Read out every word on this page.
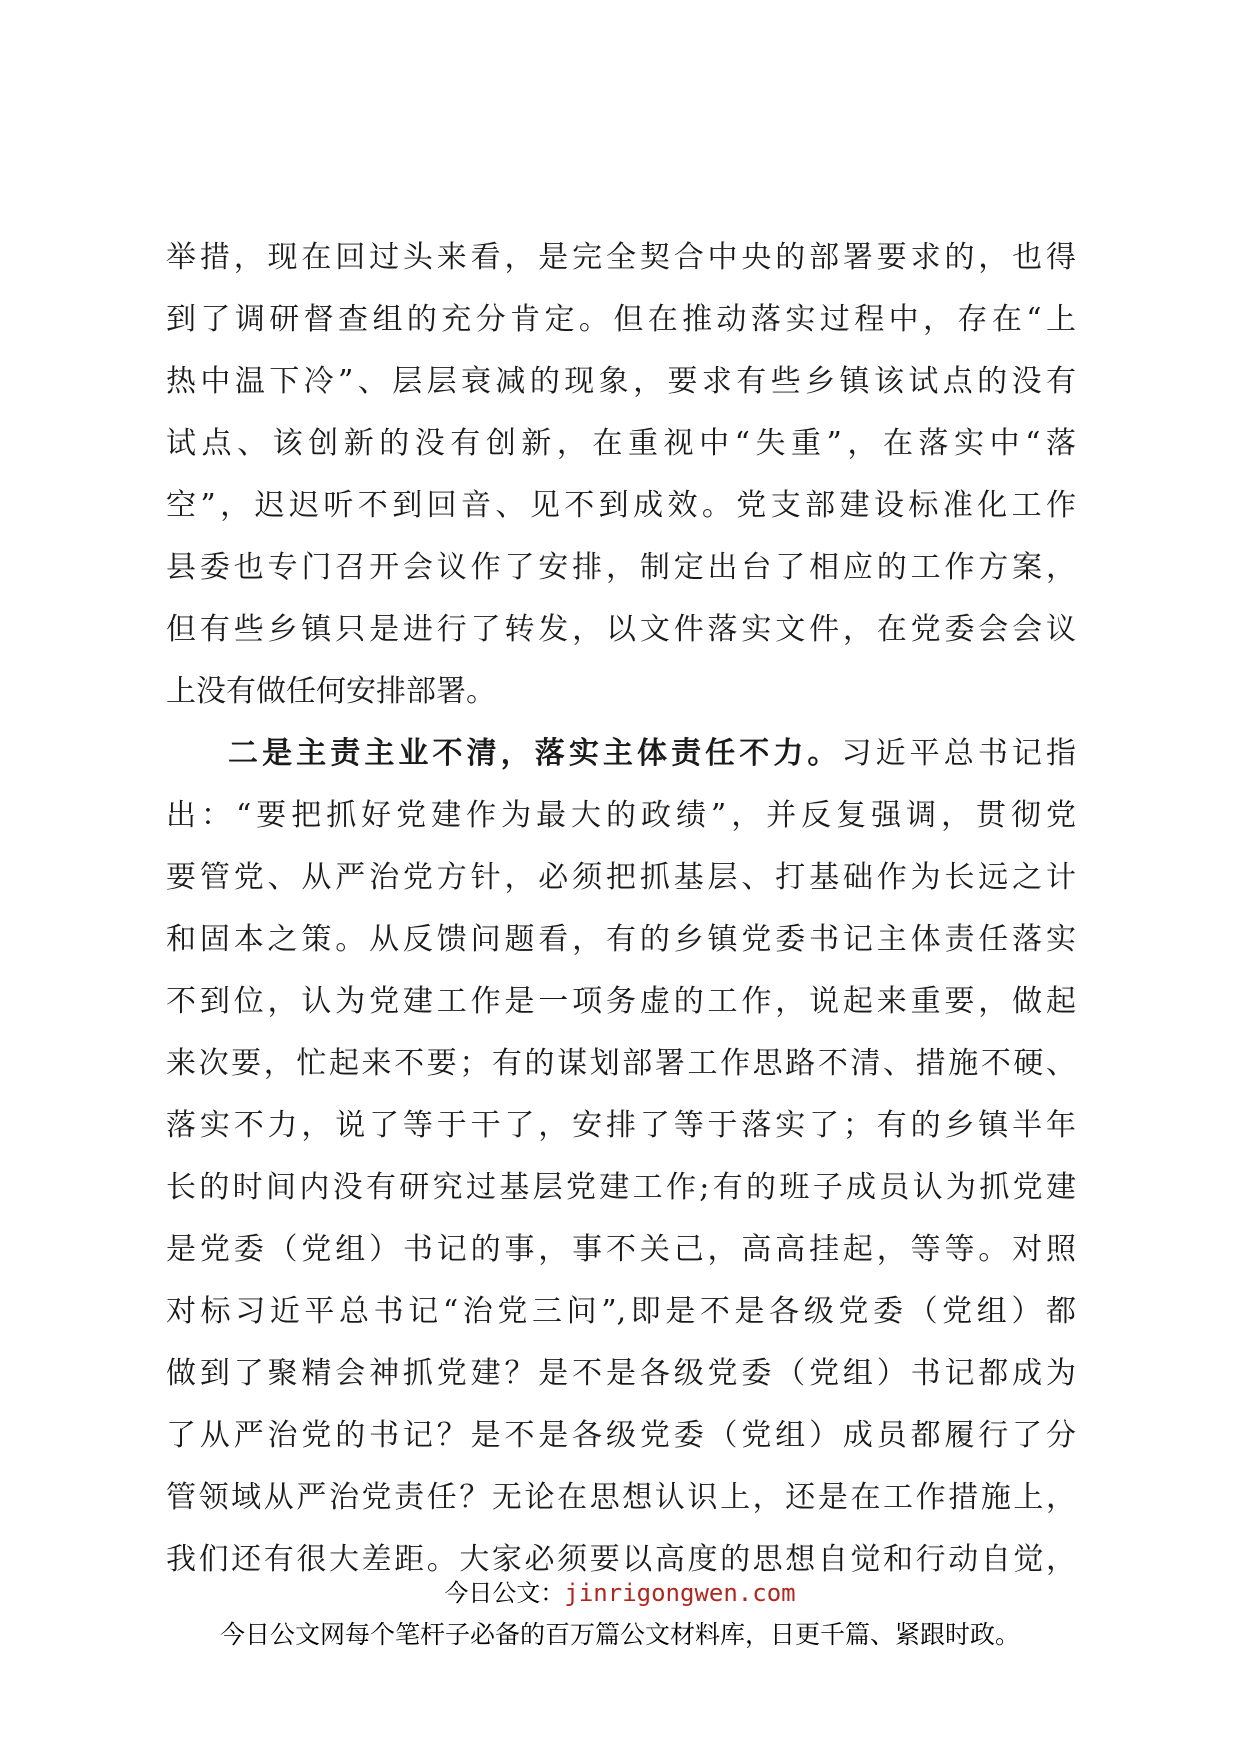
举措，现在回过头来看，是完全契合中央的部署要求的，也得
到了调研督查组的充分肯定。但在推动落实过程中，存在“上
热中温下冷”、层层衰减的现象，要求有些乡镇该试点的没有
试点、该创新的没有创新，在重视中“失重”，在落实中“落
空”，迟迟听不到回音、见不到成效。党支部建设标准化工作
县委也专门召开会议作了安排，制定出台了相应的工作方案，
但有些乡镇只是进行了转发，以文件落实文件，在党委会会议
上没有做任何安排部署。
二是主责主业不清，落实主体责任不力。习近平总书记指
出：“要把抓好党建作为最大的政绩”，并反复强调，贯彻党
要管党、从严治党方针，必须把抓基层、打基础作为长远之计
和固本之策。从反馈问题看，有的乡镇党委书记主体责任落实
不到位，认为党建工作是一项务虚的工作，说起来重要，做起
来次要，忙起来不要；有的谋划部署工作思路不清、措施不硬、
落实不力，说了等于干了，安排了等于落实了；有的乡镇半年
长的时间内没有研究过基层党建工作;有的班子成员认为抓党建
是党委（党组）书记的事，事不关己，高高挂起，等等。对照
对标习近平总书记“治党三问”,即是不是各级党委（党组）都
做到了聚精会神抓党建？是不是各级党委（党组）书记都成为
了从严治党的书记？是不是各级党委（党组）成员都履行了分
管领域从严治党责任？无论在思想认识上，还是在工作措施上，
我们还有很大差距。大家必须要以高度的思想自觉和行动自觉，
今日公文：jinrigongwen.com
今日公文网每个笔杆子必备的百万篇公文材料库，日更千篇、紧跟时政。
